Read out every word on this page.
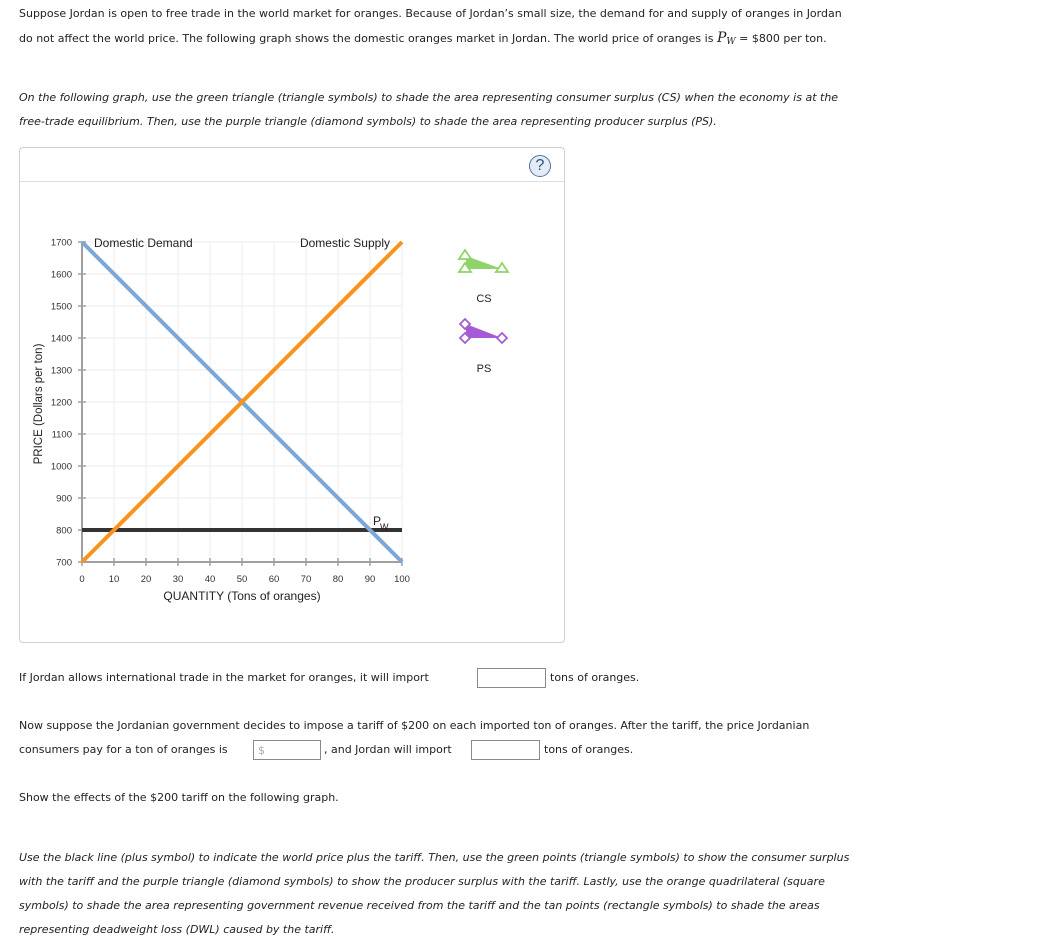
Suppose Jordan is open to free trade in the world market for oranges. Because of Jordan’s small size, the demand for and supply of oranges in Jordan
do not affect the world price. The following graph shows the domestic oranges market in Jordan. The world price of oranges is $P_W$ = $800 per ton.
On the following graph, use the green triangle (triangle symbols) to shade the area representing consumer surplus (CS) when the economy is at the
free-trade equilibrium. Then, use the purple triangle (diamond symbols) to shade the area representing producer surplus (PS).
?
700
800
900
1000
1100
1200
1300
1400
1500
1600
1700
0	10 20 30 40 50 60 70 80 90 100
QUANTITY (Tons of oranges)
PRICE (Dollars per ton)
Domestic Demand	Domestic Supply
P
W
CS
PS
If Jordan allows international trade in the market for oranges, it will import	tons of oranges.
Now suppose the Jordanian government decides to impose a tariff of $200 on each imported ton of oranges. After the tariff, the price Jordanian
consumers pay for a ton of oranges is
$	, and Jordan will import	tons of oranges.
Show the effects of the $200 tariff on the following graph.
Use the black line (plus symbol) to indicate the world price plus the tariff. Then, use the green points (triangle symbols) to show the consumer surplus
with the tariff and the purple triangle (diamond symbols) to show the producer surplus with the tariff. Lastly, use the orange quadrilateral (square
symbols) to shade the area representing government revenue received from the tariff and the tan points (rectangle symbols) to shade the areas
representing deadweight loss (DWL) caused by the tariff.
